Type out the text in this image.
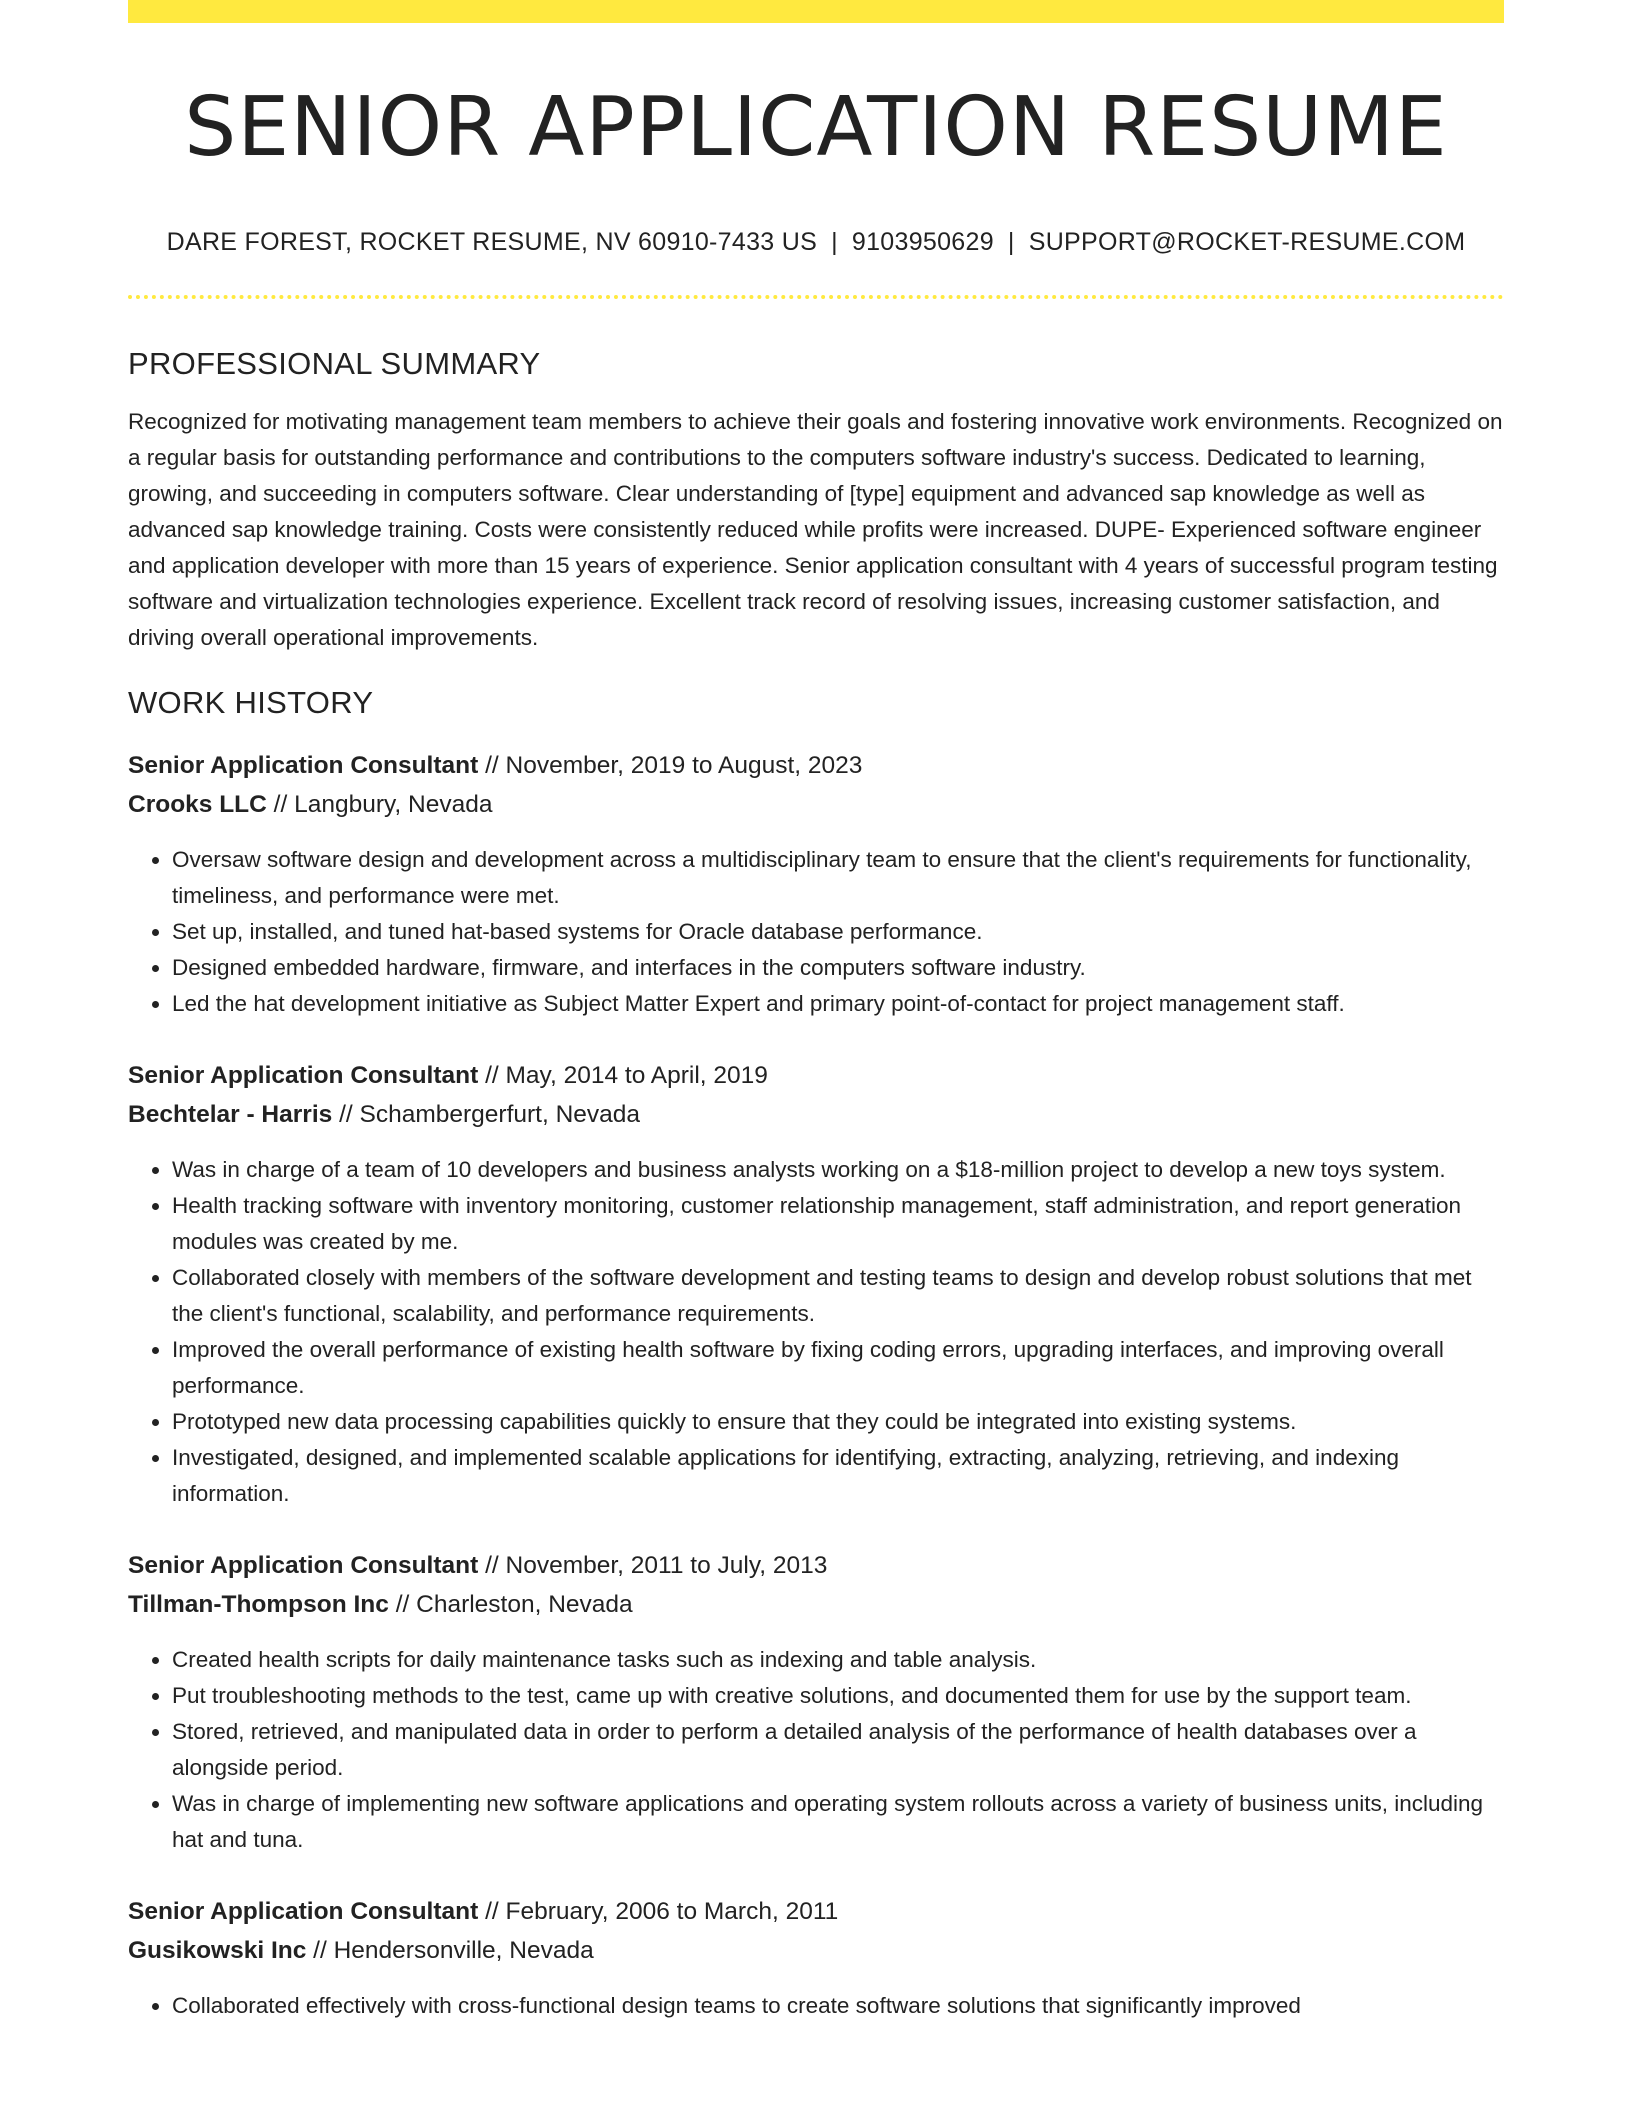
SENIOR APPLICATION RESUME
DARE FOREST, ROCKET RESUME, NV 60910-7433 US | 9103950629 | SUPPORT@ROCKET-RESUME.COM
PROFESSIONAL SUMMARY

Recognized for motivating management team members to achieve their goals and fostering innovative work environments. Recognized on a regular basis for outstanding performance and contributions to the computers software industry's success. Dedicated to learning, growing, and succeeding in computers software. Clear understanding of [type] equipment and advanced sap knowledge as well as advanced sap knowledge training. Costs were consistently reduced while profits were increased. DUPE- Experienced software engineer and application developer with more than 15 years of experience. Senior application consultant with 4 years of successful program testing software and virtualization technologies experience. Excellent track record of resolving issues, increasing customer satisfaction, and driving overall operational improvements.

WORK HISTORY
Senior Application Consultant // November, 2019 to August, 2023
Crooks LLC // Langbury, Nevada
• Oversaw software design and development across a multidisciplinary team to ensure that the client's requirements for functionality, timeliness, and performance were met.
• Set up, installed, and tuned hat-based systems for Oracle database performance.
• Designed embedded hardware, firmware, and interfaces in the computers software industry.
• Led the hat development initiative as Subject Matter Expert and primary point-of-contact for project management staff.
Senior Application Consultant // May, 2014 to April, 2019
Bechtelar - Harris // Schambergerfurt, Nevada
• Was in charge of a team of 10 developers and business analysts working on a $18-million project to develop a new toys system.
• Health tracking software with inventory monitoring, customer relationship management, staff administration, and report generation modules was created by me.
• Collaborated closely with members of the software development and testing teams to design and develop robust solutions that met the client's functional, scalability, and performance requirements.
• Improved the overall performance of existing health software by fixing coding errors, upgrading interfaces, and improving overall performance.
• Prototyped new data processing capabilities quickly to ensure that they could be integrated into existing systems.
• Investigated, designed, and implemented scalable applications for identifying, extracting, analyzing, retrieving, and indexing information.
Senior Application Consultant // November, 2011 to July, 2013
Tillman-Thompson Inc // Charleston, Nevada
• Created health scripts for daily maintenance tasks such as indexing and table analysis.
• Put troubleshooting methods to the test, came up with creative solutions, and documented them for use by the support team.
• Stored, retrieved, and manipulated data in order to perform a detailed analysis of the performance of health databases over a alongside period.
• Was in charge of implementing new software applications and operating system rollouts across a variety of business units, including hat and tuna.
Senior Application Consultant // February, 2006 to March, 2011
Gusikowski Inc // Hendersonville, Nevada
• Collaborated effectively with cross-functional design teams to create software solutions that significantly improved
